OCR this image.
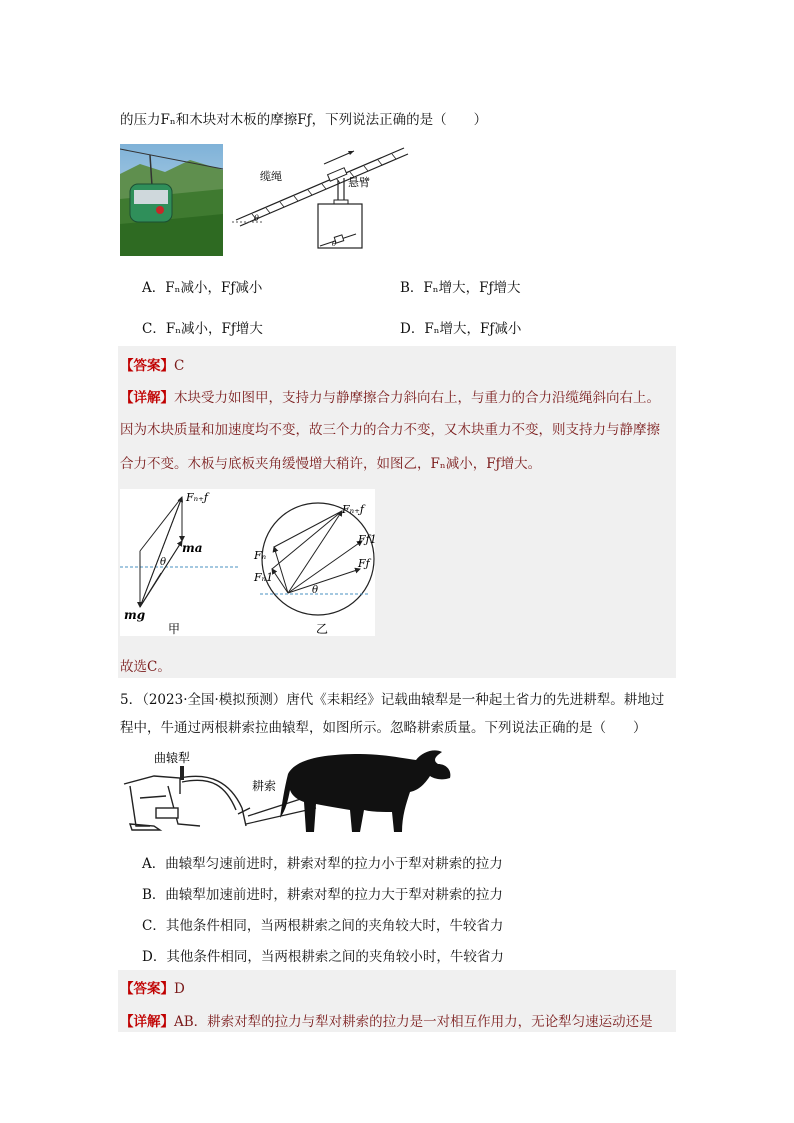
的压力Fₙ和木块对木板的摩擦Fƒ，下列说法正确的是（　　）
θ
缆绳	悬臂
θ
A．Fₙ减小，Fƒ减小	B．Fₙ增大，Fƒ增大
C．Fₙ减小，Fƒ增大	D．Fₙ增大，Fƒ减小
【答案】C
【详解】木块受力如图甲，支持力与静摩擦合力斜向右上，与重力的合力沿缆绳斜向右上。
因为木块质量和加速度均不变，故三个力的合力不变，又木块重力不变，则支持力与静摩擦
合力不变。木板与底板夹角缓慢增大稍许，如图乙，Fₙ减小，Fƒ增大。
Fₙ₊ƒ
ma
mg
θ
甲
Fₙ₊ƒ
Fₙ
Fₙ1
Fƒ1
Fƒ
θ
乙
故选C。
5．（2023·全国·模拟预测）唐代《耒耜经》记载曲辕犁是一种起土省力的先进耕犁。耕地过
程中，牛通过两根耕索拉曲辕犁，如图所示。忽略耕索质量。下列说法正确的是（　　）
曲辕犁
耕索
A．曲辕犁匀速前进时，耕索对犁的拉力小于犁对耕索的拉力
B．曲辕犁加速前进时，耕索对犁的拉力大于犁对耕索的拉力
C．其他条件相同，当两根耕索之间的夹角较大时，牛较省力
D．其他条件相同，当两根耕索之间的夹角较小时，牛较省力
【答案】D
【详解】AB．耕索对犁的拉力与犁对耕索的拉力是一对相互作用力，无论犁匀速运动还是
